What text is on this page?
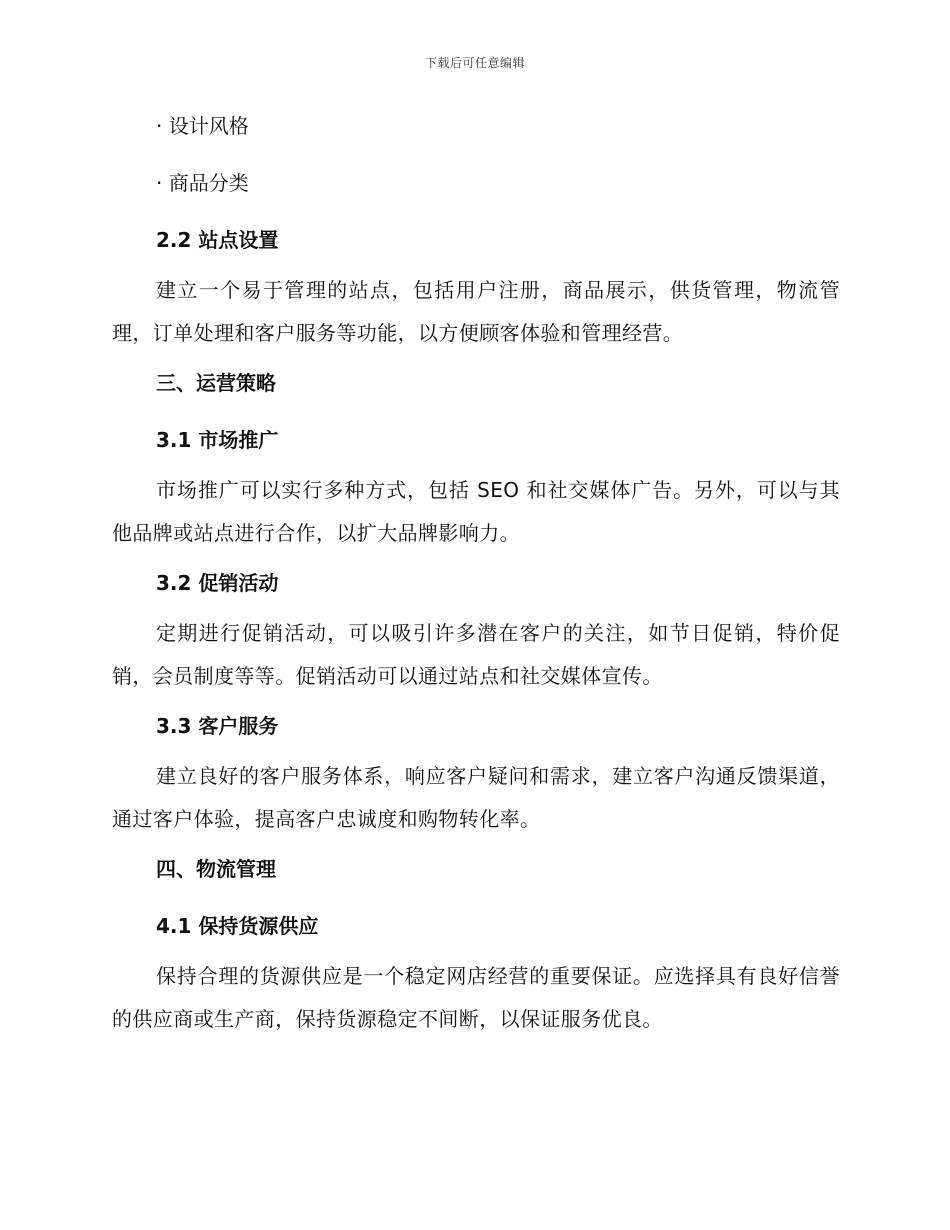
下载后可任意编辑

· 设计风格

· 商品分类

2.2 站点设置

建立一个易于管理的站点，包括用户注册，商品展示，供货管理，物流管理，订单处理和客户服务等功能，以方便顾客体验和管理经营。

三、运营策略

3.1 市场推广

市场推广可以实行多种方式，包括 SEO 和社交媒体广告。另外，可以与其他品牌或站点进行合作，以扩大品牌影响力。

3.2 促销活动

定期进行促销活动，可以吸引许多潜在客户的关注，如节日促销，特价促销，会员制度等等。促销活动可以通过站点和社交媒体宣传。

3.3 客户服务

建立良好的客户服务体系，响应客户疑问和需求，建立客户沟通反馈渠道，通过客户体验，提高客户忠诚度和购物转化率。

四、物流管理

4.1 保持货源供应

保持合理的货源供应是一个稳定网店经营的重要保证。应选择具有良好信誉的供应商或生产商，保持货源稳定不间断，以保证服务优良。
